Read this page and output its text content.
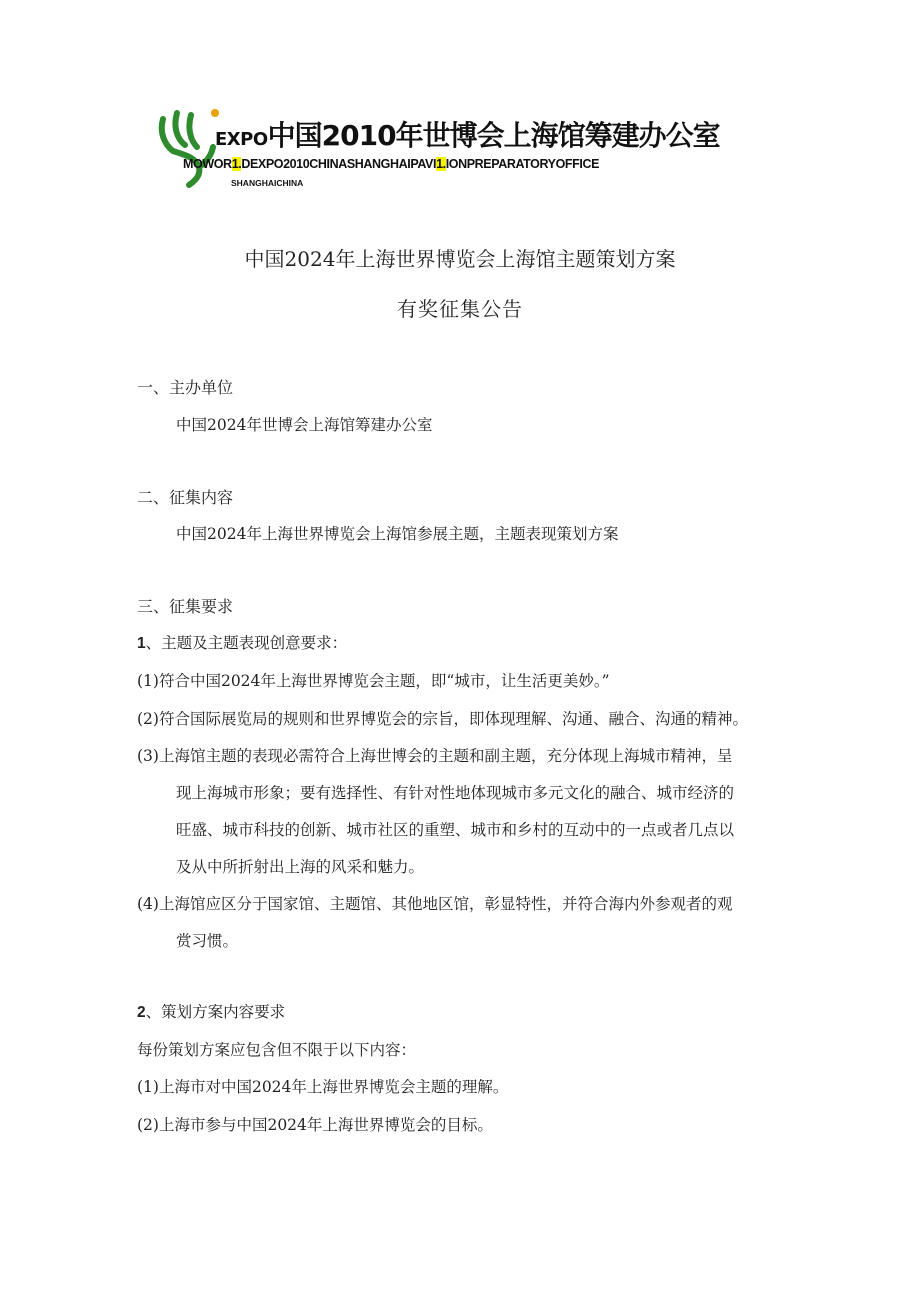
EXPO中国2010年世博会上海馆筹建办公室
MOWOR1.DEXPO2010CHINASHANGHAIPAVI1.IONPREPARATORYOFFICE
SHANGHAICHINA
中国2024年上海世界博览会上海馆主题策划方案
有奖征集公告
一、主办单位
中国2024年世博会上海馆筹建办公室
二、征集内容
中国2024年上海世界博览会上海馆参展主题，主题表现策划方案
三、征集要求
1、主题及主题表现创意要求：
(1)符合中国2024年上海世界博览会主题，即“城市，让生活更美妙。”
(2)符合国际展览局的规则和世界博览会的宗旨，即体现理解、沟通、融合、沟通的精神。
(3)上海馆主题的表现必需符合上海世博会的主题和副主题，充分体现上海城市精神，呈
现上海城市形象；要有选择性、有针对性地体现城市多元文化的融合、城市经济的
旺盛、城市科技的创新、城市社区的重塑、城市和乡村的互动中的一点或者几点以
及从中所折射出上海的风采和魅力。
(4)上海馆应区分于国家馆、主题馆、其他地区馆，彰显特性，并符合海内外参观者的观
赏习惯。
2、策划方案内容要求
每份策划方案应包含但不限于以下内容：
(1)上海市对中国2024年上海世界博览会主题的理解。
(2)上海市参与中国2024年上海世界博览会的目标。
